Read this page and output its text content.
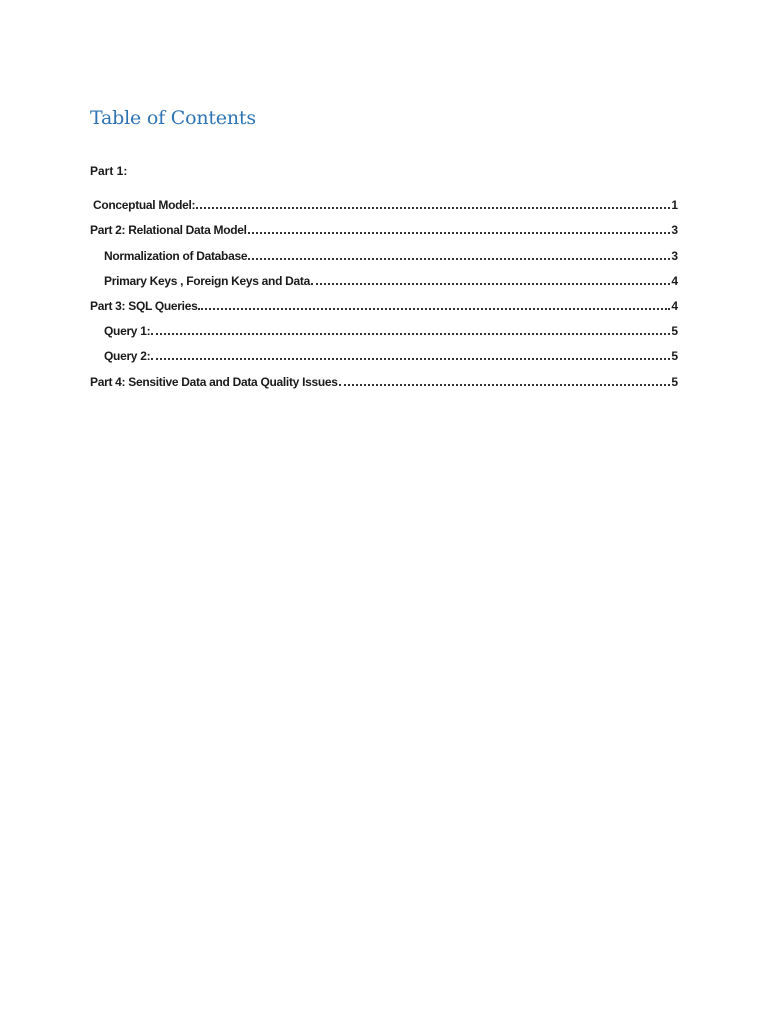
Table of Contents
Part 1:
Conceptual Model:	1
Part 2: Relational Data Model	3
Normalization of Database	3
Primary Keys , Foreign Keys and Data	4
Part 3: SQL Queries	4
Query 1:	5
Query 2:	5
Part 4: Sensitive Data and Data Quality Issues	5
